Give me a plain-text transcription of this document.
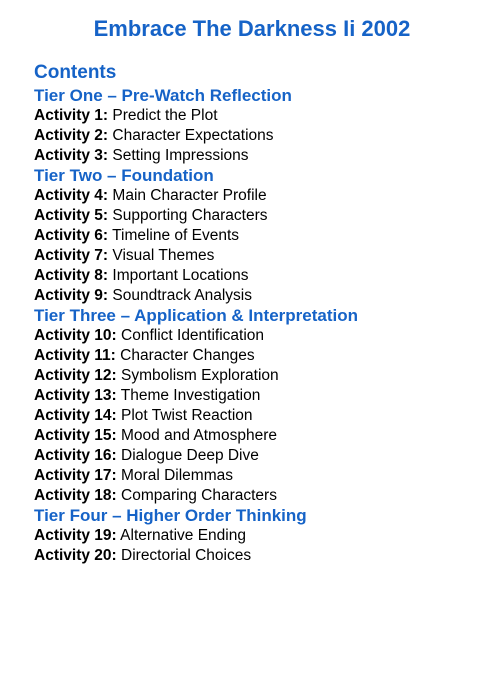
Embrace The Darkness Ii 2002
Contents
Tier One – Pre-Watch Reflection
Activity 1: Predict the Plot
Activity 2: Character Expectations
Activity 3: Setting Impressions
Tier Two – Foundation
Activity 4: Main Character Profile
Activity 5: Supporting Characters
Activity 6: Timeline of Events
Activity 7: Visual Themes
Activity 8: Important Locations
Activity 9: Soundtrack Analysis
Tier Three – Application & Interpretation
Activity 10: Conflict Identification
Activity 11: Character Changes
Activity 12: Symbolism Exploration
Activity 13: Theme Investigation
Activity 14: Plot Twist Reaction
Activity 15: Mood and Atmosphere
Activity 16: Dialogue Deep Dive
Activity 17: Moral Dilemmas
Activity 18: Comparing Characters
Tier Four – Higher Order Thinking
Activity 19: Alternative Ending
Activity 20: Directorial Choices
